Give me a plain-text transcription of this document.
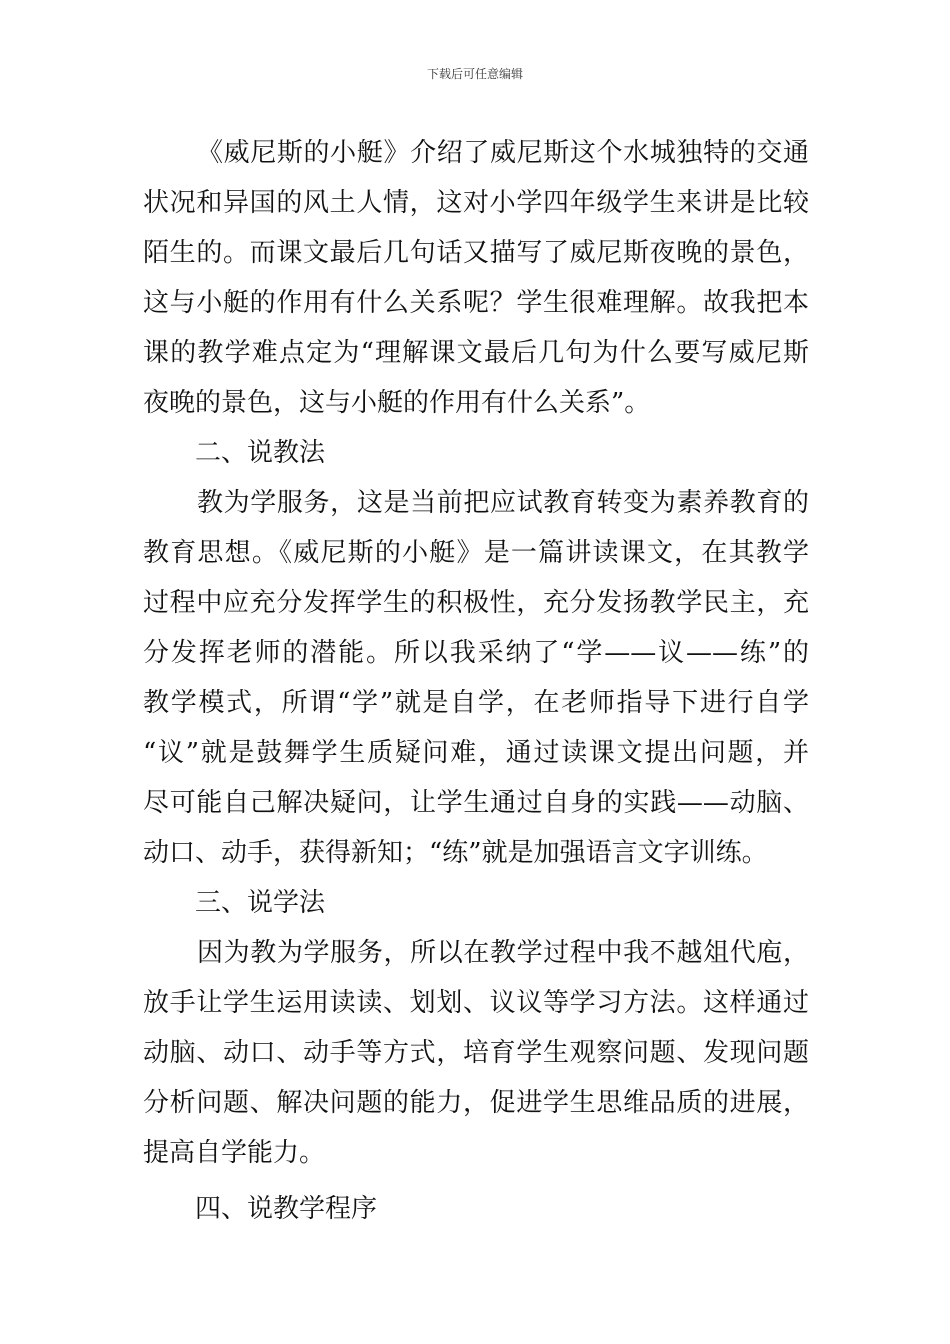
下载后可任意编辑
《威尼斯的小艇》介绍了威尼斯这个水城独特的交通
状况和异国的风土人情，这对小学四年级学生来讲是比较
陌生的。而课文最后几句话又描写了威尼斯夜晚的景色，
这与小艇的作用有什么关系呢？学生很难理解。故我把本
课的教学难点定为“理解课文最后几句为什么要写威尼斯
夜晚的景色，这与小艇的作用有什么关系”。
二、说教法
教为学服务，这是当前把应试教育转变为素养教育的
教育思想。《威尼斯的小艇》是一篇讲读课文，在其教学
过程中应充分发挥学生的积极性，充分发扬教学民主，充
分发挥老师的潜能。所以我采纳了“学——议——练”的
教学模式，所谓“学”就是自学，在老师指导下进行自学
“议”就是鼓舞学生质疑问难，通过读课文提出问题，并
尽可能自己解决疑问，让学生通过自身的实践——动脑、
动口、动手，获得新知；“练”就是加强语言文字训练。
三、说学法
因为教为学服务，所以在教学过程中我不越俎代庖，
放手让学生运用读读、划划、议议等学习方法。这样通过
动脑、动口、动手等方式，培育学生观察问题、发现问题
分析问题、解决问题的能力，促进学生思维品质的进展，
提高自学能力。
四、说教学程序
